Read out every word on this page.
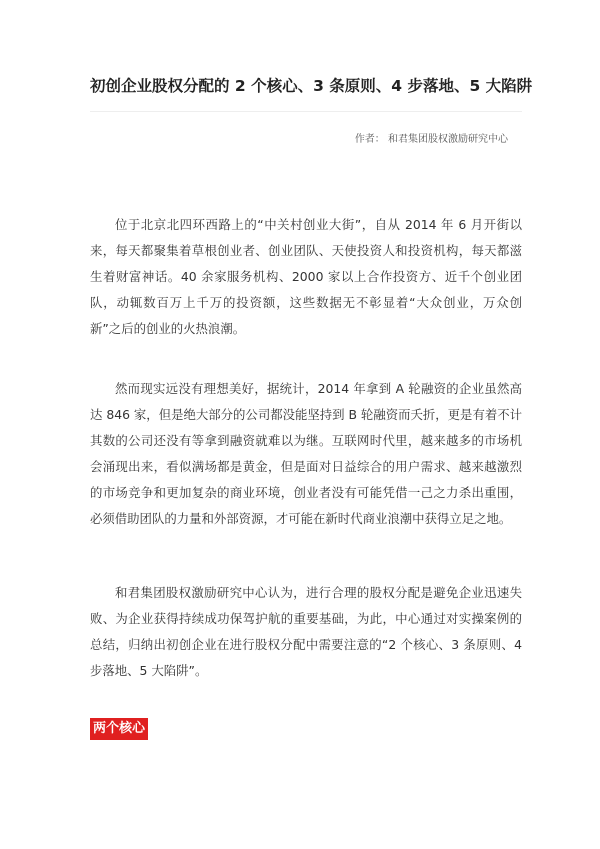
初创企业股权分配的 2 个核心、3 条原则、4 步落地、5 大陷阱
作者： 和君集团股权激励研究中心

位于北京北四环西路上的“中关村创业大街”，自从 2014 年 6 月开街以来，每天都聚集着草根创业者、创业团队、天使投资人和投资机构，每天都滋生着财富神话。40 余家服务机构、2000 家以上合作投资方、近千个创业团队，动辄数百万上千万的投资额，这些数据无不彰显着“大众创业，万众创新”之后的创业的火热浪潮。

然而现实远没有理想美好，据统计，2014 年拿到 A 轮融资的企业虽然高达 846 家，但是绝大部分的公司都没能坚持到 B 轮融资而夭折，更是有着不计其数的公司还没有等拿到融资就难以为继。互联网时代里，越来越多的市场机会涌现出来，看似满场都是黄金，但是面对日益综合的用户需求、越来越激烈的市场竞争和更加复杂的商业环境，创业者没有可能凭借一己之力杀出重围，必须借助团队的力量和外部资源，才可能在新时代商业浪潮中获得立足之地。

和君集团股权激励研究中心认为，进行合理的股权分配是避免企业迅速失败、为企业获得持续成功保驾护航的重要基础，为此，中心通过对实操案例的总结，归纳出初创企业在进行股权分配中需要注意的“2 个核心、3 条原则、4 步落地、5 大陷阱”。

两个核心
